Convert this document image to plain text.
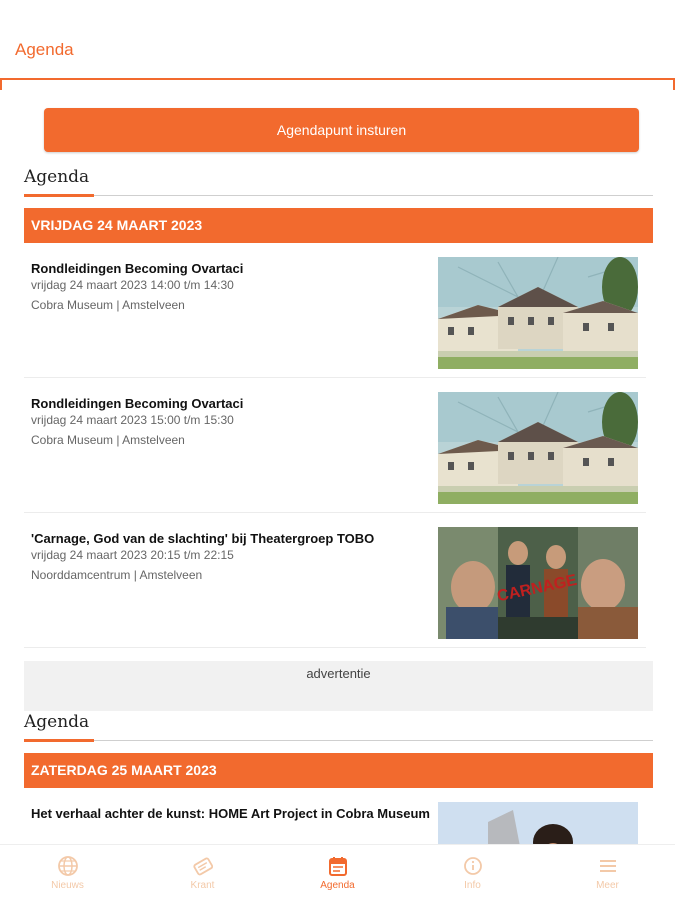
Agenda
Agendapunt insturen
Agenda
VRIJDAG 24 MAART 2023
Rondleidingen Becoming Ovartaci
vrijdag 24 maart 2023 14:00 t/m 14:30
Cobra Museum | Amstelveen
Rondleidingen Becoming Ovartaci
vrijdag 24 maart 2023 15:00 t/m 15:30
Cobra Museum | Amstelveen
'Carnage, God van de slachting' bij Theatergroep TOBO
vrijdag 24 maart 2023 20:15 t/m 22:15
Noorddamcentrum | Amstelveen	CARNAGE
advertentie
Agenda
ZATERDAG 25 MAART 2023
Het verhaal achter de kunst: HOME Art Project in Cobra Museum
Nieuws	Krant	Agenda	Info	Meer
